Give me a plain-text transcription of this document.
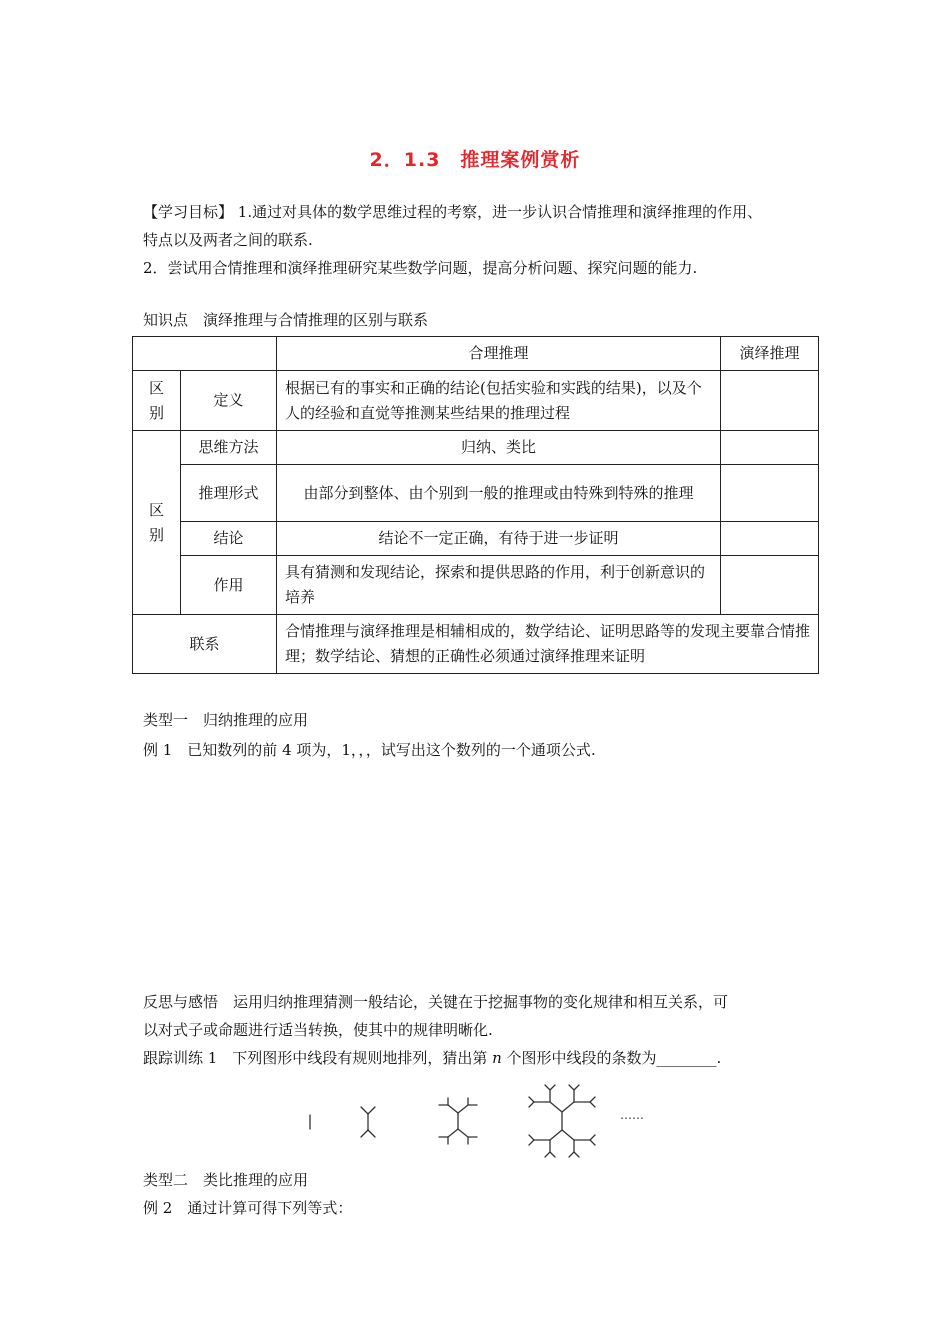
2．1.3　推理案例赏析
【学习目标】 1.通过对具体的数学思维过程的考察，进一步认识合情推理和演绎推理的作用、
特点以及两者之间的联系.
2．尝试用合情推理和演绎推理研究某些数学问题，提高分析问题、探究问题的能力.
知识点　演绎推理与合情推理的区别与联系
		合理推理	演绎推理
区
别	定义	根据已有的事实和正确的结论(包括实验和实践的结果)，以及个人的经验和直觉等推测某些结果的推理过程	
区
别	思维方法	归纳、类比	
	推理形式	由部分到整体、由个别到一般的推理或由特殊到特殊的推理	
	结论	结论不一定正确，有待于进一步证明	
	作用	具有猜测和发现结论，探索和提供思路的作用，利于创新意识的培养	
联系		合情推理与演绎推理是相辅相成的，数学结论、证明思路等的发现主要靠合情推理；数学结论、猜想的正确性必须通过演绎推理来证明	
类型一　归纳推理的应用
例 1　已知数列的前 4 项为，1，，，试写出这个数列的一个通项公式.
反思与感悟　运用归纳推理猜测一般结论，关键在于挖掘事物的变化规律和相互关系，可
以对式子或命题进行适当转换，使其中的规律明晰化.
跟踪训练 1　下列图形中线段有规则地排列，猜出第 n 个图形中线段的条数为________.
……
类型二　类比推理的应用
例 2　通过计算可得下列等式：
